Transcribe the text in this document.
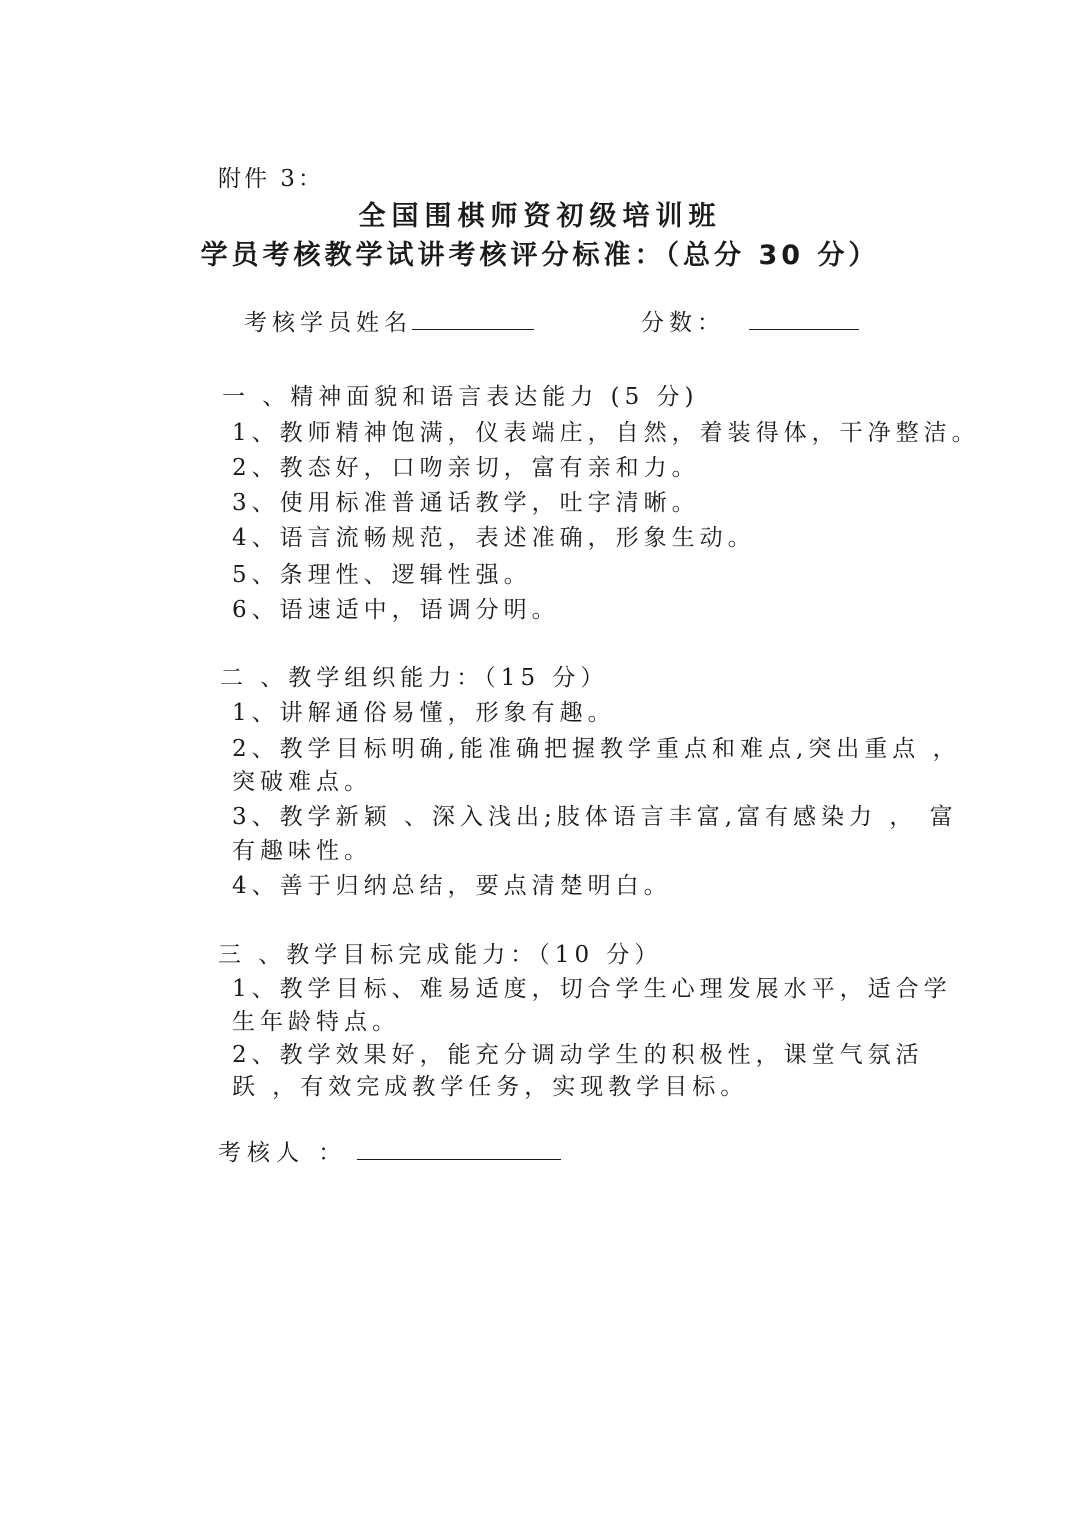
附件 3：
全国围棋师资初级培训班
学员考核教学试讲考核评分标准：（总分 30 分）
考核学员姓名	分数：
一 、精神面貌和语言表达能力 (5 分)
1、教师精神饱满，仪表端庄，自然，着装得体，干净整洁。
2、教态好，口吻亲切，富有亲和力。
3、使用标准普通话教学，吐字清晰。
4、语言流畅规范，表述准确，形象生动。
5、条理性、逻辑性强。
6、语速适中，语调分明。
二 、教学组织能力：（15 分）
1、讲解通俗易懂，形象有趣。
2、教学目标明确,能准确把握教学重点和难点,突出重点 ，
突破难点。
3、教学新颖 、深入浅出;肢体语言丰富,富有感染力 ， 富
有趣味性。
4、善于归纳总结，要点清楚明白。
三 、教学目标完成能力：（10 分）
1、教学目标、难易适度，切合学生心理发展水平，适合学
生年龄特点。
2、教学效果好，能充分调动学生的积极性，课堂气氛活
跃 ，有效完成教学任务，实现教学目标。
考核人 ：
